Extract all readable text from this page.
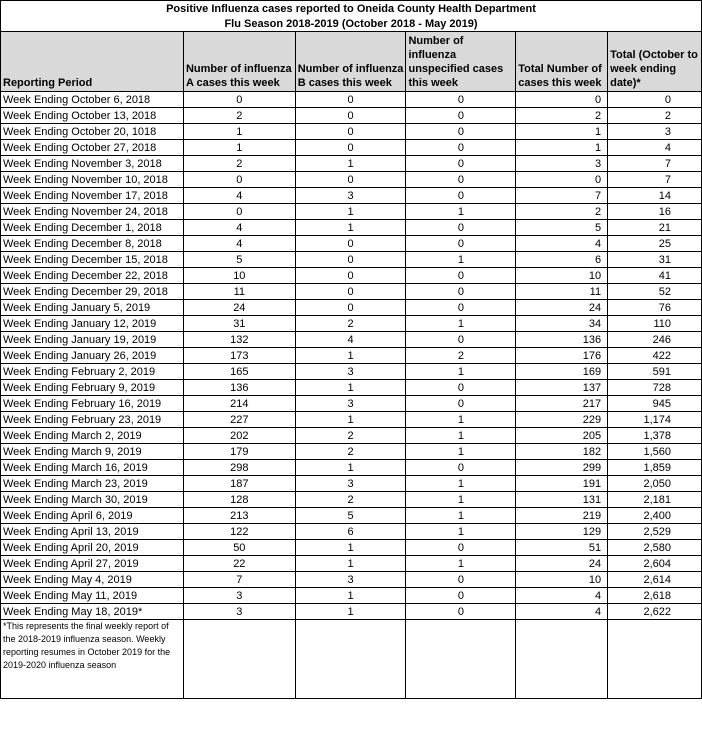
Positive Influenza cases reported to Oneida County Health Department					
Flu Season 2018-2019 (October 2018 - May 2019)					
Reporting Period	Number of influenza A cases this week	Number of influenza B cases this week	Number of influenza unspecified cases this week	Total Number of cases this week	Total (October to week ending date)*
Week Ending October 6, 2018	0	0	0	0	0
Week Ending October 13, 2018	2	0	0	2	2
Week Ending October 20, 1018	1	0	0	1	3
Week Ending October 27, 2018	1	0	0	1	4
Week Ending November 3, 2018	2	1	0	3	7
Week Ending November 10, 2018	0	0	0	0	7
Week Ending November 17, 2018	4	3	0	7	14
Week Ending November 24, 2018	0	1	1	2	16
Week Ending December 1, 2018	4	1	0	5	21
Week Ending December 8, 2018	4	0	0	4	25
Week Ending December 15, 2018	5	0	1	6	31
Week Ending December 22, 2018	10	0	0	10	41
Week Ending December 29, 2018	11	0	0	11	52
Week Ending January 5, 2019	24	0	0	24	76
Week Ending January 12, 2019	31	2	1	34	110
Week Ending January 19, 2019	132	4	0	136	246
Week Ending January 26, 2019	173	1	2	176	422
Week Ending February 2, 2019	165	3	1	169	591
Week Ending February 9, 2019	136	1	0	137	728
Week Ending February 16, 2019	214	3	0	217	945
Week Ending February 23, 2019	227	1	1	229	1,174
Week Ending March 2, 2019	202	2	1	205	1,378
Week Ending March 9, 2019	179	2	1	182	1,560
Week Ending March 16, 2019	298	1	0	299	1,859
Week Ending March 23, 2019	187	3	1	191	2,050
Week Ending March 30, 2019	128	2	1	131	2,181
Week Ending April 6, 2019	213	5	1	219	2,400
Week Ending April 13, 2019	122	6	1	129	2,529
Week Ending April 20, 2019	50	1	0	51	2,580
Week Ending April 27, 2019	22	1	1	24	2,604
Week Ending May 4, 2019	7	3	0	10	2,614
Week Ending May 11, 2019	3	1	0	4	2,618
Week Ending May 18, 2019*	3	1	0	4	2,622
*This represents the final weekly report of the 2018-2019 influenza season. Weekly reporting resumes in October 2019 for the 2019-2020 influenza season					
